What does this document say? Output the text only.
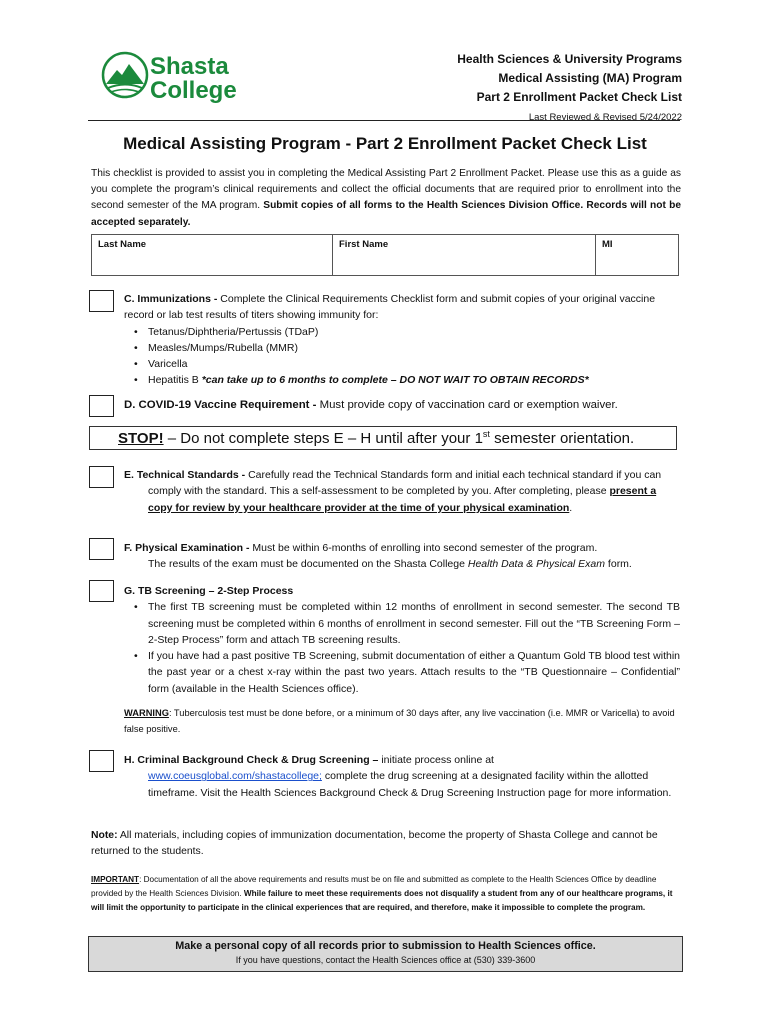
Shasta
College
Health Sciences & University Programs
Medical Assisting (MA) Program
Part 2 Enrollment Packet Check List
Last Reviewed & Revised 5/24/2022
Medical Assisting Program - Part 2 Enrollment Packet Check List
This checklist is provided to assist you in completing the Medical Assisting Part 2 Enrollment Packet. Please use this as a guide as you complete the program’s clinical requirements and collect the official documents that are required prior to enrollment into the second semester of the MA program. Submit copies of all forms to the Health Sciences Division Office. Records will not be accepted separately.
Last Name	First Name	MI
C. Immunizations - Complete the Clinical Requirements Checklist form and submit copies of your original vaccine record or lab test results of titers showing immunity for:
• Tetanus/Diphtheria/Pertussis (TDaP)
• Measles/Mumps/Rubella (MMR)
• Varicella
• Hepatitis B *can take up to 6 months to complete – DO NOT WAIT TO OBTAIN RECORDS*
D. COVID-19 Vaccine Requirement - Must provide copy of vaccination card or exemption waiver.
STOP! – Do not complete steps E – H until after your 1st semester orientation.
E. Technical Standards - Carefully read the Technical Standards form and initial each technical standard if you can comply with the standard. This a self-assessment to be completed by you. After completing, please present a copy for review by your healthcare provider at the time of your physical examination.
F. Physical Examination - Must be within 6-months of enrolling into second semester of the program.
The results of the exam must be documented on the Shasta College Health Data & Physical Exam form.
G. TB Screening – 2-Step Process
• The first TB screening must be completed within 12 months of enrollment in second semester. The second TB screening must be completed within 6 months of enrollment in second semester. Fill out the “TB Screening Form – 2-Step Process” form and attach TB screening results.
• If you have had a past positive TB Screening, submit documentation of either a Quantum Gold TB blood test within the past year or a chest x-ray within the past two years. Attach results to the “TB Questionnaire – Confidential” form (available in the Health Sciences office).
WARNING: Tuberculosis test must be done before, or a minimum of 30 days after, any live vaccination (i.e. MMR or Varicella) to avoid false positive.
H. Criminal Background Check & Drug Screening – initiate process online at
www.coeusglobal.com/shastacollege; complete the drug screening at a designated facility within the allotted timeframe. Visit the Health Sciences Background Check & Drug Screening Instruction page for more information.
Note: All materials, including copies of immunization documentation, become the property of Shasta College and cannot be returned to the students.
IMPORTANT: Documentation of all the above requirements and results must be on file and submitted as complete to the Health Sciences Office by deadline provided by the Health Sciences Division. While failure to meet these requirements does not disqualify a student from any of our healthcare programs, it will limit the opportunity to participate in the clinical experiences that are required, and therefore, make it impossible to complete the program.
Make a personal copy of all records prior to submission to Health Sciences office.
If you have questions, contact the Health Sciences office at (530) 339-3600
